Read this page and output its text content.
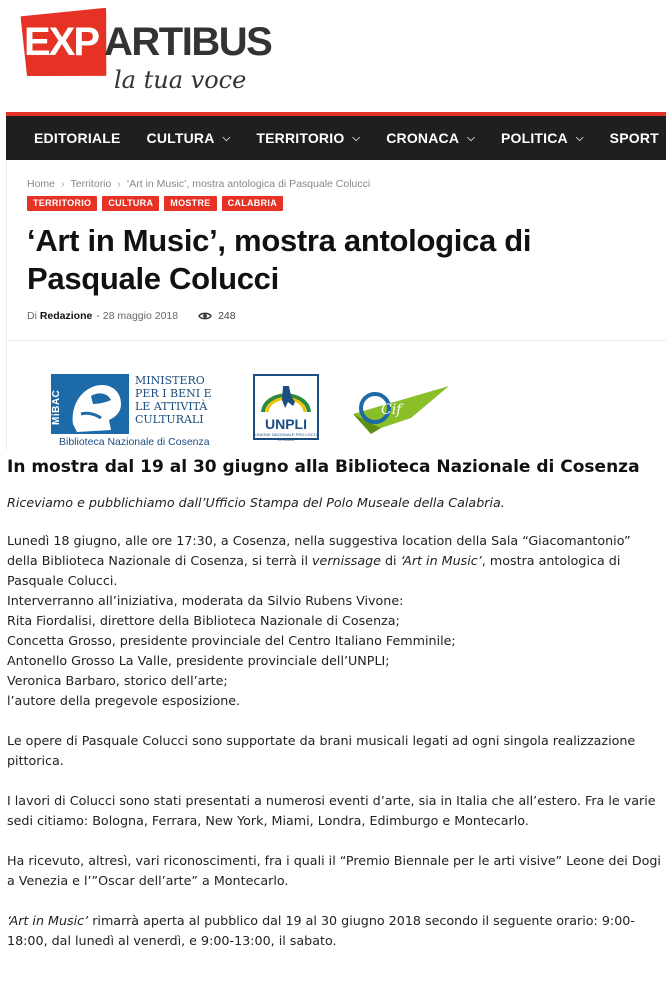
EXP ARTIBUS
la tua voce
EDITORIALE CULTURA ⌵ TERRITORIO ⌵ CRONACA ⌵ POLITICA ⌵ SPORT
Home › Territorio › ‘Art in Music’, mostra antologica di Pasquale Colucci
TERRITORIO	CULTURA	MOSTRE	CALABRIA
‘Art in Music’, mostra antologica di Pasquale Colucci
Di
Redazione - 28 maggio 2018	248
MiBAC
MINISTERO
PER I BENI E
LE ATTIVITÀ
CULTURALI
Biblioteca Nazionale di Cosenza
UNPLI
UNIONE NAZIONALE PRO LOCO D'ITALIA
Cif
In mostra dal 19 al 30 giugno alla Biblioteca Nazionale di Cosenza

Riceviamo e pubblichiamo dall’Ufficio Stampa del Polo Museale della Calabria.

Lunedì 18 giugno, alle ore 17:30, a Cosenza, nella suggestiva location della Sala “Giacomantonio” della Biblioteca Nazionale di Cosenza, si terrà il vernissage di ‘Art in Music’, mostra antologica di Pasquale Colucci.
Interverranno all’iniziativa, moderata da Silvio Rubens Vivone:
Rita Fiordalisi, direttore della Biblioteca Nazionale di Cosenza;
Concetta Grosso, presidente provinciale del Centro Italiano Femminile;
Antonello Grosso La Valle, presidente provinciale dell’UNPLI;
Veronica Barbaro, storico dell’arte;
l’autore della pregevole esposizione.

Le opere di Pasquale Colucci sono supportate da brani musicali legati ad ogni singola realizzazione pittorica.

I lavori di Colucci sono stati presentati a numerosi eventi d’arte, sia in Italia che all’estero. Fra le varie sedi citiamo: Bologna, Ferrara, New York, Miami, Londra, Edimburgo e Montecarlo.

Ha ricevuto, altresì, vari riconoscimenti, fra i quali il “Premio Biennale per le arti visive” Leone dei Dogi a Venezia e l’”Oscar dell’arte” a Montecarlo.

‘Art in Music’ rimarrà aperta al pubblico dal 19 al 30 giugno 2018 secondo il seguente orario: 9:00-18:00, dal lunedì al venerdì, e 9:00-13:00, il sabato.
